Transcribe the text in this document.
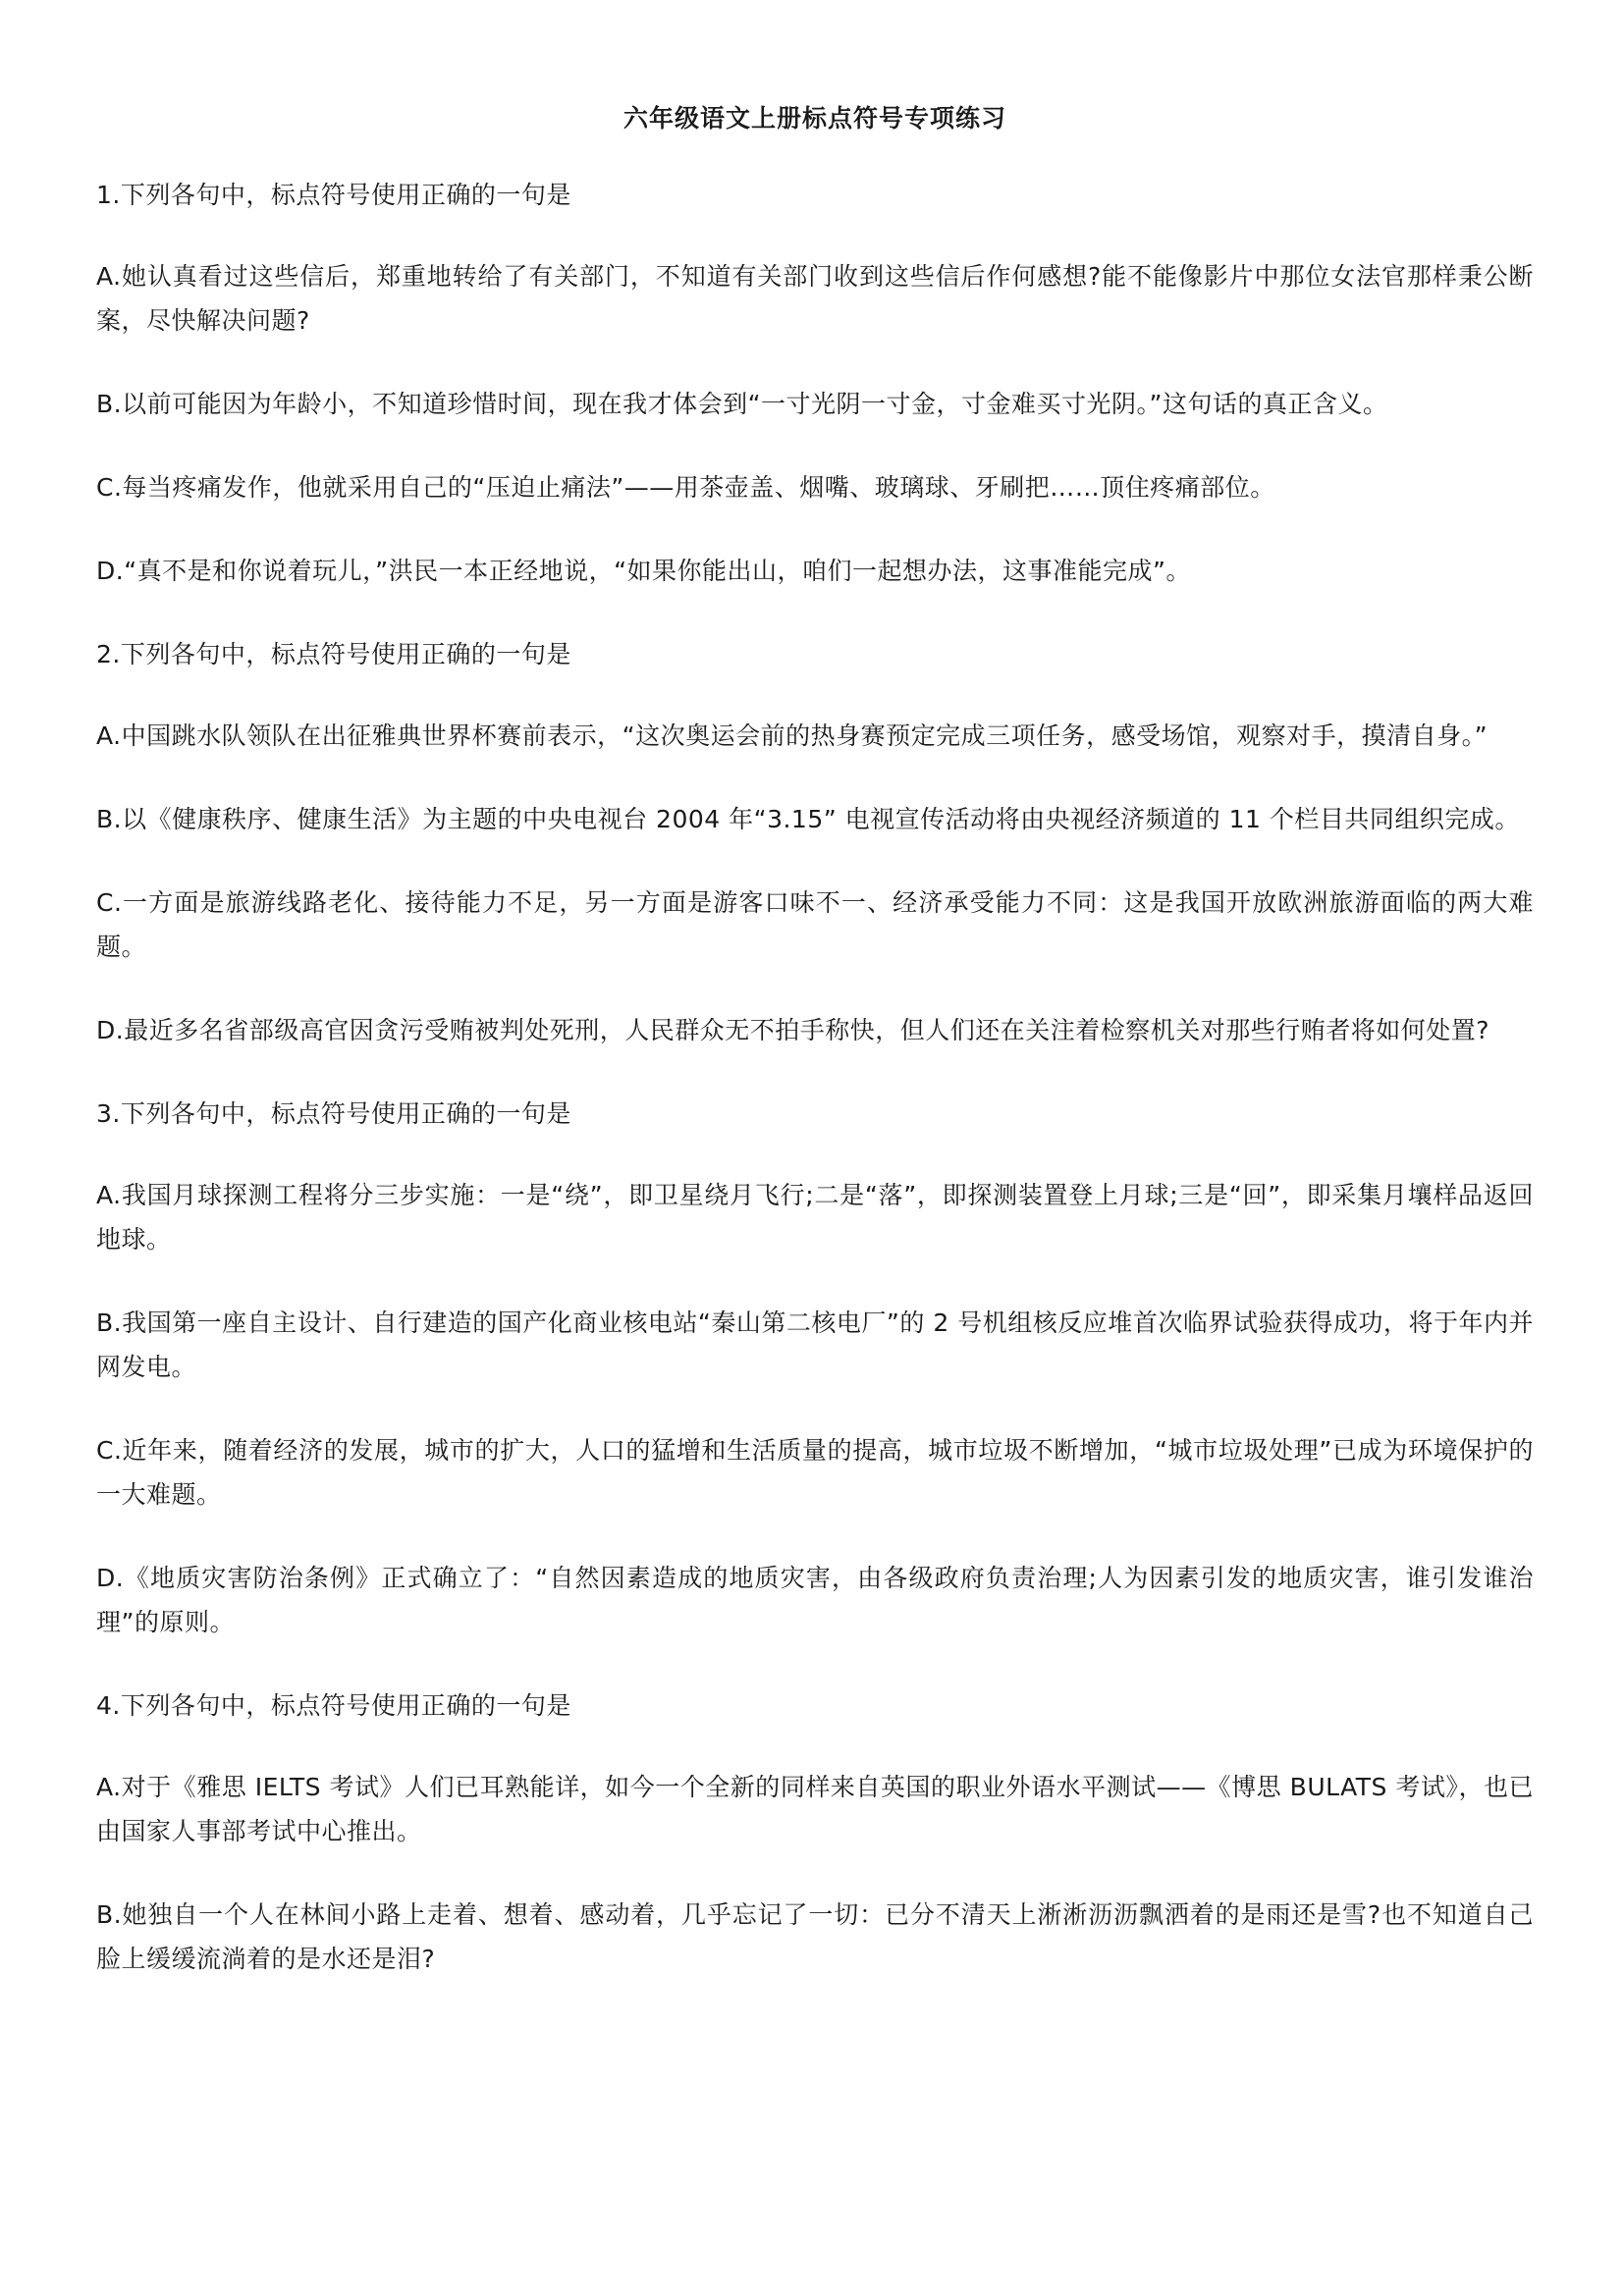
六年级语文上册标点符号专项练习

1.下列各句中，标点符号使用正确的一句是

A.她认真看过这些信后，郑重地转给了有关部门，不知道有关部门收到这些信后作何感想?能不能像影片中那位女法官那样秉公断案，尽快解决问题?

B.以前可能因为年龄小，不知道珍惜时间，现在我才体会到“一寸光阴一寸金，寸金难买寸光阴。”这句话的真正含义。

C.每当疼痛发作，他就采用自己的“压迫止痛法”——用茶壶盖、烟嘴、玻璃球、牙刷把……顶住疼痛部位。

D.“真不是和你说着玩儿，”洪民一本正经地说，“如果你能出山，咱们一起想办法，这事准能完成”。

2.下列各句中，标点符号使用正确的一句是

A.中国跳水队领队在出征雅典世界杯赛前表示，“这次奥运会前的热身赛预定完成三项任务，感受场馆，观察对手，摸清自身。”

B.以《健康秩序、健康生活》为主题的中央电视台 2004 年“3.15” 电视宣传活动将由央视经济频道的 11 个栏目共同组织完成。

C.一方面是旅游线路老化、接待能力不足，另一方面是游客口味不一、经济承受能力不同：这是我国开放欧洲旅游面临的两大难题。

D.最近多名省部级高官因贪污受贿被判处死刑，人民群众无不拍手称快，但人们还在关注着检察机关对那些行贿者将如何处置?

3.下列各句中，标点符号使用正确的一句是

A.我国月球探测工程将分三步实施：一是“绕”，即卫星绕月飞行;二是“落”，即探测装置登上月球;三是“回”，即采集月壤样品返回地球。

B.我国第一座自主设计、自行建造的国产化商业核电站“秦山第二核电厂”的 2 号机组核反应堆首次临界试验获得成功，将于年内并网发电。

C.近年来，随着经济的发展，城市的扩大，人口的猛增和生活质量的提高，城市垃圾不断增加，“城市垃圾处理”已成为环境保护的一大难题。

D.《地质灾害防治条例》正式确立了：“自然因素造成的地质灾害，由各级政府负责治理;人为因素引发的地质灾害，谁引发谁治理”的原则。

4.下列各句中，标点符号使用正确的一句是

A.对于《雅思 IELTS 考试》人们已耳熟能详，如今一个全新的同样来自英国的职业外语水平测试——《博思 BULATS 考试》，也已由国家人事部考试中心推出。

B.她独自一个人在林间小路上走着、想着、感动着，几乎忘记了一切：已分不清天上淅淅沥沥飘洒着的是雨还是雪?也不知道自己脸上缓缓流淌着的是水还是泪?
